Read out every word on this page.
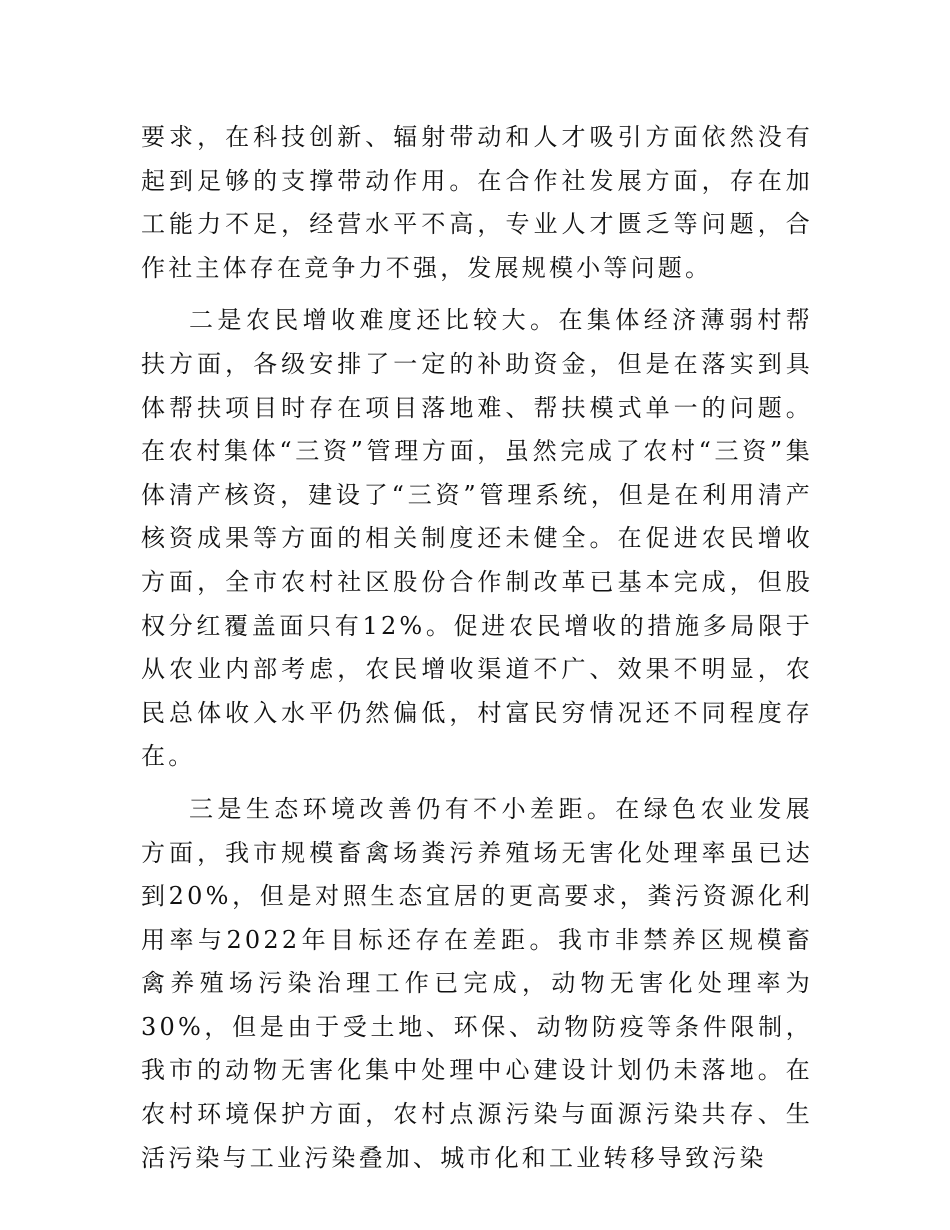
要求，在科技创新、辐射带动和人才吸引方面依然没有起到足够的支撑带动作用。在合作社发展方面，存在加工能力不足，经营水平不高，专业人才匮乏等问题，合作社主体存在竞争力不强，发展规模小等问题。

二是农民增收难度还比较大。在集体经济薄弱村帮扶方面，各级安排了一定的补助资金，但是在落实到具体帮扶项目时存在项目落地难、帮扶模式单一的问题。在农村集体“三资”管理方面，虽然完成了农村“三资”集体清产核资，建设了“三资”管理系统，但是在利用清产核资成果等方面的相关制度还未健全。在促进农民增收方面，全市农村社区股份合作制改革已基本完成，但股权分红覆盖面只有12%。促进农民增收的措施多局限于从农业内部考虑，农民增收渠道不广、效果不明显，农民总体收入水平仍然偏低，村富民穷情况还不同程度存在。

三是生态环境改善仍有不小差距。在绿色农业发展方面，我市规模畜禽场粪污养殖场无害化处理率虽已达到20%，但是对照生态宜居的更高要求，粪污资源化利用率与2022年目标还存在差距。我市非禁养区规模畜禽养殖场污染治理工作已完成，动物无害化处理率为30%，但是由于受土地、环保、动物防疫等条件限制，我市的动物无害化集中处理中心建设计划仍未落地。在农村环境保护方面，农村点源污染与面源污染共存、生活污染与工业污染叠加、城市化和工业转移导致污染
